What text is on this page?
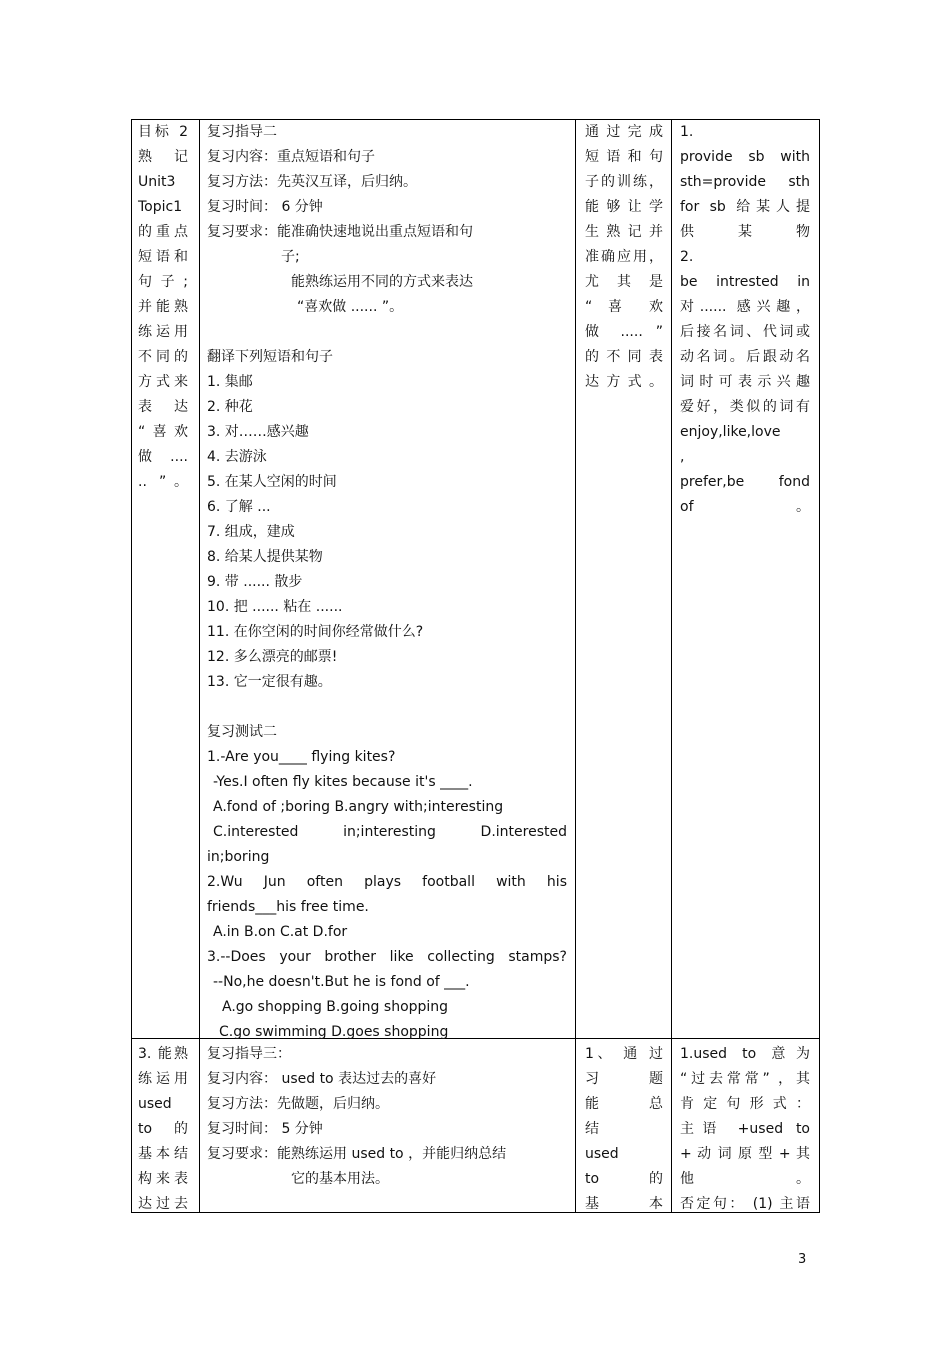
目标 2
熟 记
Unit3
Topic1
的重点
短语和
句子;
并能熟
练运用
不同的
方式来
表 达
“喜欢
做....
.. ”。
复习指导二
复习内容：重点短语和句子
复习方法：先英汉互译，后归纳。
复习时间： 6 分钟
复习要求：能准确快速地说出重点短语和句
子;
能熟练运用不同的方式来表达
“喜欢做 ...... ”。
翻译下列短语和句子
1. 集邮
2. 种花
3. 对……感兴趣
4. 去游泳
5. 在某人空闲的时间
6. 了解 ...
7. 组成，建成
8. 给某人提供某物
9. 带 ...... 散步
10. 把 ...... 粘在 ......
11. 在你空闲的时间你经常做什么?
12. 多么漂亮的邮票!
13. 它一定很有趣。
复习测试二
1.-Are you____ flying kites?
-Yes.I often fly kites because it's ____.
A.fond of ;boring B.angry with;interesting
C.interested in;interesting D.interested
in;boring
2.Wu Jun often plays football with his
friends___his free time.
A.in B.on C.at D.for
3.--Does your brother like collecting stamps?
--No,he doesn't.But he is fond of ___.
A.go shopping B.going shopping
C.go swimming D.goes shopping
通 过 完 成
短 语 和 句
子的训练，
能 够 让 学
生 熟 记 并
准确应用，
尤 其 是
“ 喜 欢
做 ..... ”
的 不 同 表
达方式。
1.
provide sb with
sth=provide sth
for sb 给某人提
供某物
2.
be intrested in
对...... 感兴趣，
后接名词、代词或
动名词。后跟动名
词 时 可 表 示 兴 趣
爱好，类似的词有
enjoy,like,love
,
prefer,be fond
of 。
3. 能熟
练运用
used
to 的
基本结
构来表
达过去
复习指导三：
复习内容： used to 表达过去的喜好
复习方法：先做题，后归纳。
复习时间： 5 分钟
复习要求：能熟练运用 used to ，并能归纳总结
它的基本用法。
1、 通 过
习 题
能 总
结
used
to 的
基 本
1.used to 意为
“过去常常” ，其
肯定句形式：
主语 +used to
+ 动 词 原 型 + 其
他。
否定句： (1) 主语
3
